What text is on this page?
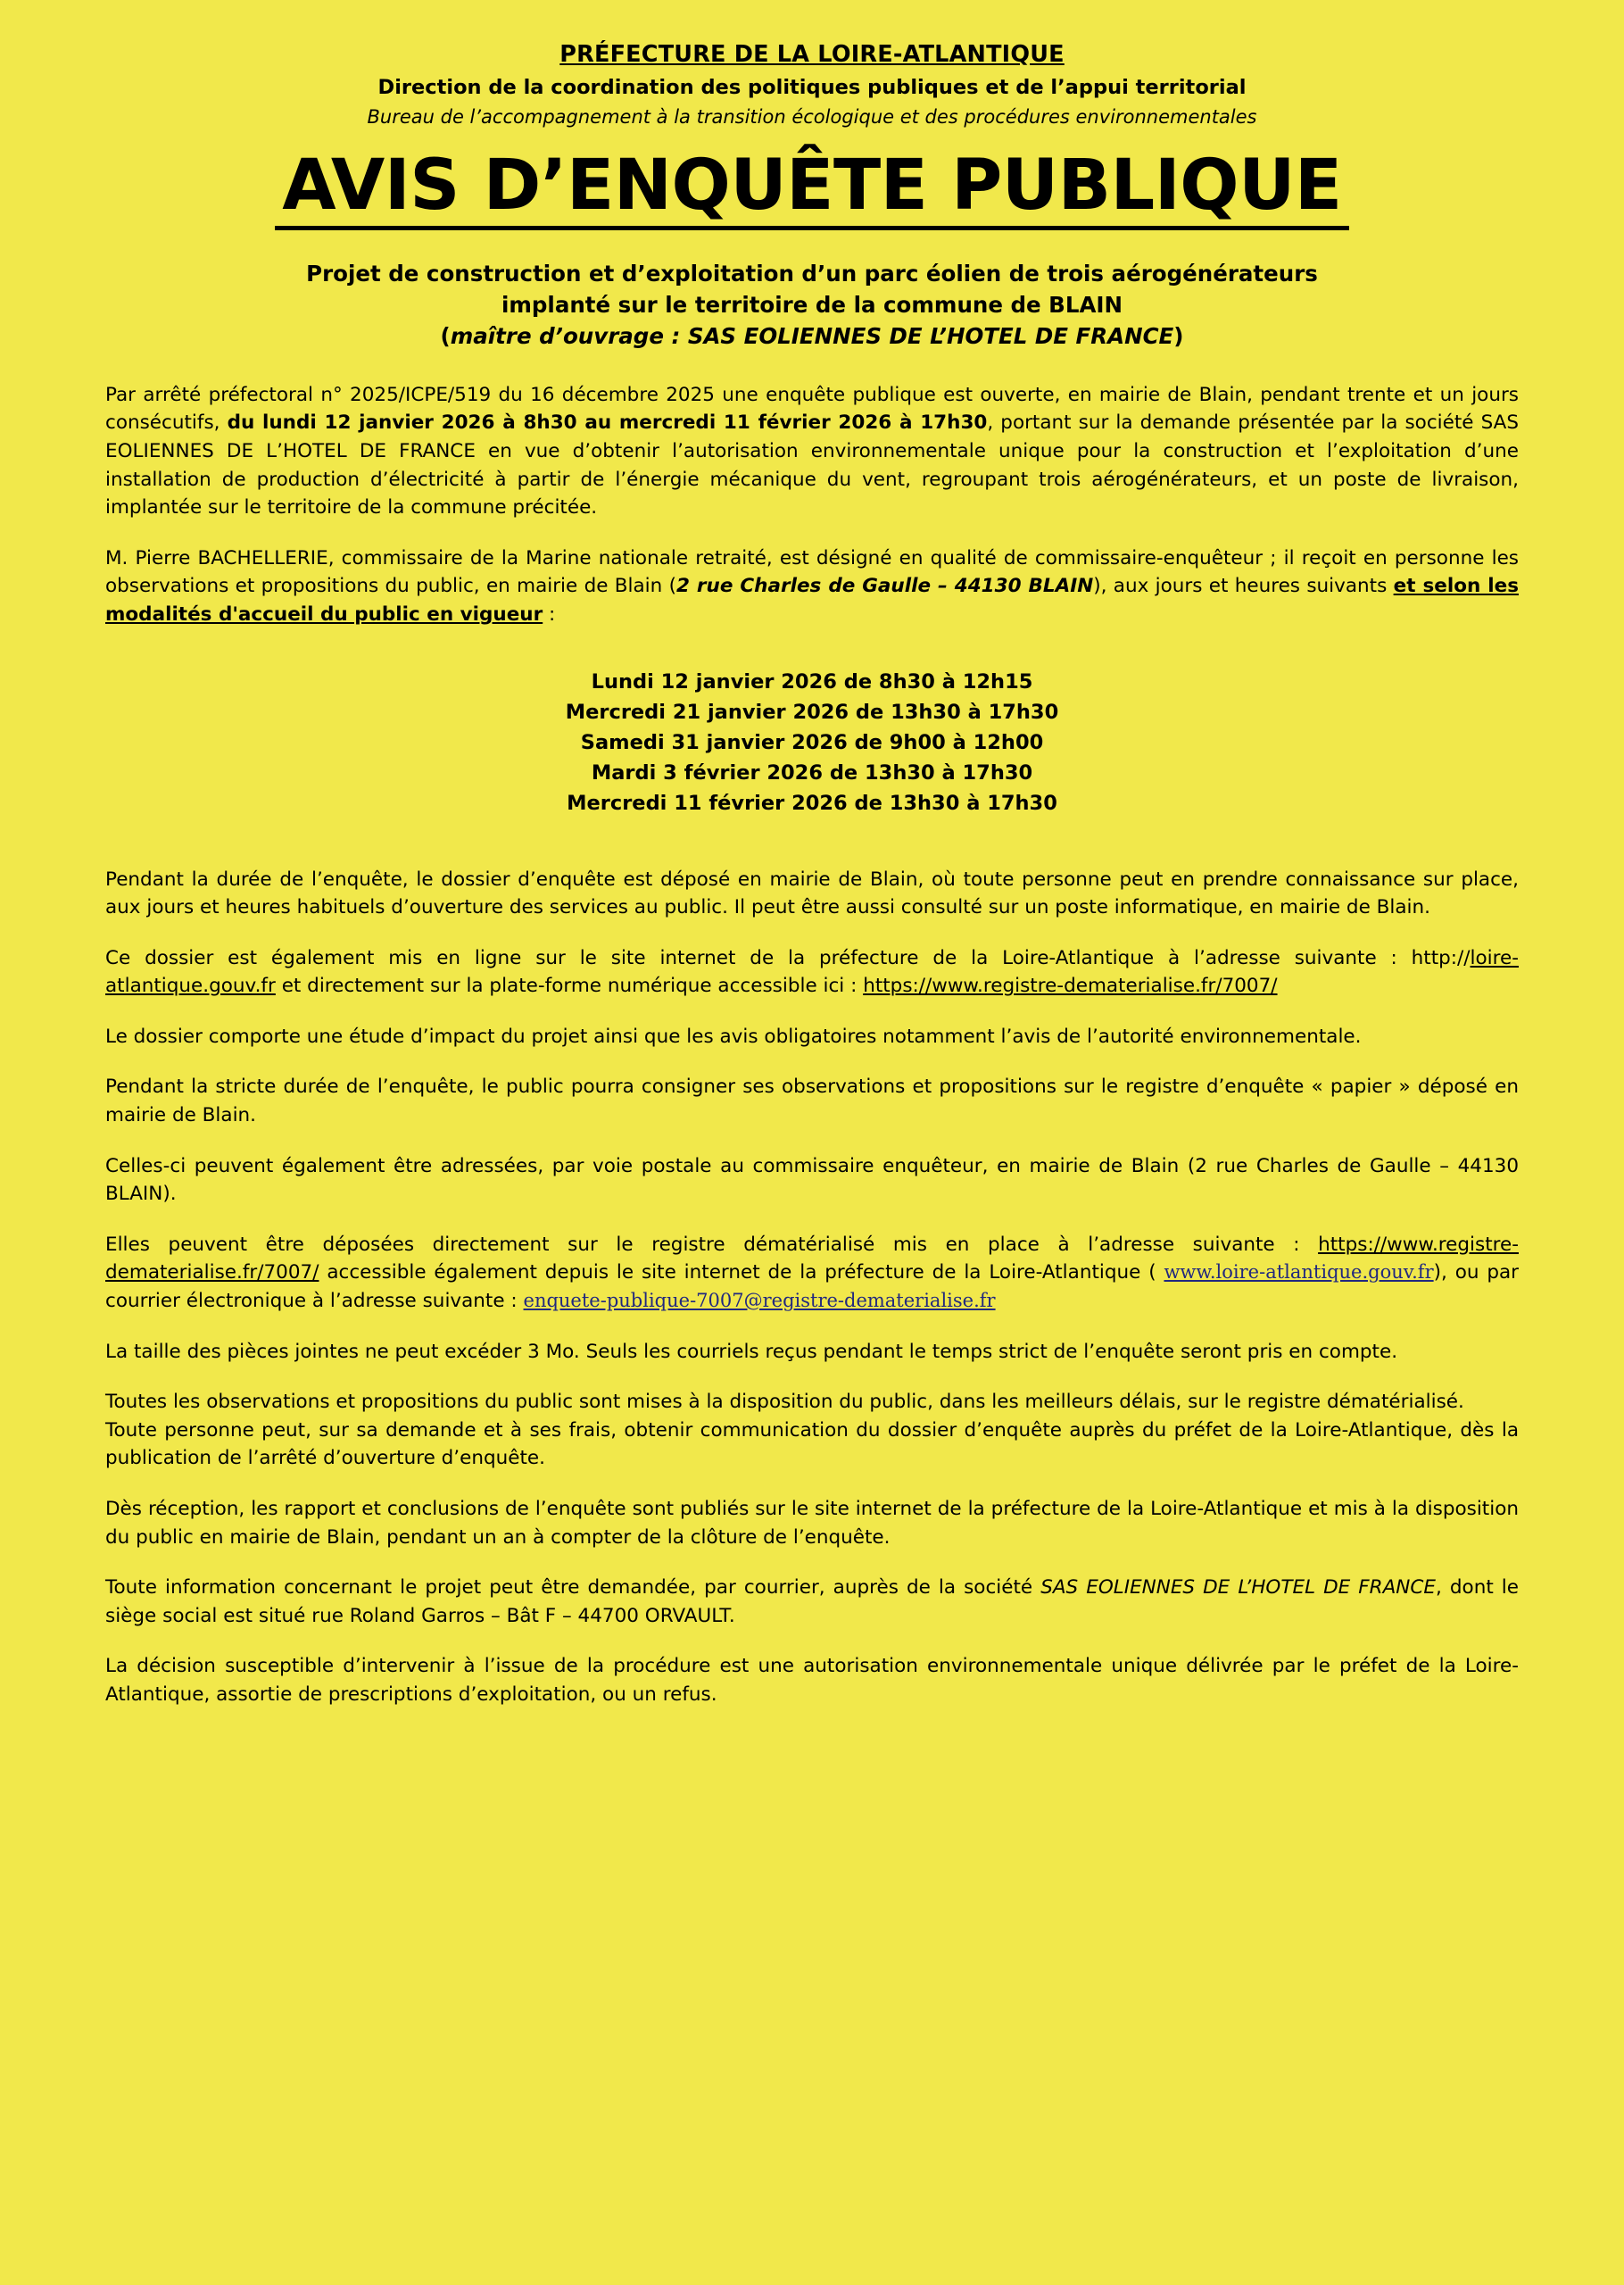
PRÉFECTURE DE LA LOIRE-ATLANTIQUE
Direction de la coordination des politiques publiques et de l’appui territorial
Bureau de l’accompagnement à la transition écologique et des procédures environnementales
AVIS D’ENQUÊTE PUBLIQUE
Projet de construction et d’exploitation d’un parc éolien de trois aérogénérateurs
implanté sur le territoire de la commune de BLAIN
(maître d’ouvrage : SAS EOLIENNES DE L’HOTEL DE FRANCE)

Par arrêté préfectoral n° 2025/ICPE/519 du 16 décembre 2025 une enquête publique est ouverte, en mairie de Blain, pendant trente et un jours consécutifs, du lundi 12 janvier 2026 à 8h30 au mercredi 11 février 2026 à 17h30, portant sur la demande présentée par la société SAS EOLIENNES DE L’HOTEL DE FRANCE en vue d’obtenir l’autorisation environnementale unique pour la construction et l’exploitation d’une installation de production d’électricité à partir de l’énergie mécanique du vent, regroupant trois aérogénérateurs, et un poste de livraison, implantée sur le territoire de la commune précitée.

M. Pierre BACHELLERIE, commissaire de la Marine nationale retraité, est désigné en qualité de commissaire-enquêteur ; il reçoit en personne les observations et propositions du public, en mairie de Blain (2 rue Charles de Gaulle – 44130 BLAIN), aux jours et heures suivants et selon les modalités d'accueil du public en vigueur :

Lundi 12 janvier 2026 de 8h30 à 12h15
Mercredi 21 janvier 2026 de 13h30 à 17h30
Samedi 31 janvier 2026 de 9h00 à 12h00
Mardi 3 février 2026 de 13h30 à 17h30
Mercredi 11 février 2026 de 13h30 à 17h30

Pendant la durée de l’enquête, le dossier d’enquête est déposé en mairie de Blain, où toute personne peut en prendre connaissance sur place, aux jours et heures habituels d’ouverture des services au public. Il peut être aussi consulté sur un poste informatique, en mairie de Blain.

Ce dossier est également mis en ligne sur le site internet de la préfecture de la Loire-Atlantique à l’adresse suivante : http://loire-atlantique.gouv.fr et directement sur la plate-forme numérique accessible ici : https://www.registre-dematerialise.fr/7007/

Le dossier comporte une étude d’impact du projet ainsi que les avis obligatoires notamment l’avis de l’autorité environnementale.

Pendant la stricte durée de l’enquête, le public pourra consigner ses observations et propositions sur le registre d’enquête « papier » déposé en mairie de Blain.

Celles-ci peuvent également être adressées, par voie postale au commissaire enquêteur, en mairie de Blain (2 rue Charles de Gaulle – 44130 BLAIN).

Elles peuvent être déposées directement sur le registre dématérialisé mis en place à l’adresse suivante : https://www.registre-dematerialise.fr/7007/ accessible également depuis le site internet de la préfecture de la Loire-Atlantique ( www.loire-atlantique.gouv.fr), ou par courrier électronique à l’adresse suivante : enquete-publique-7007@registre-dematerialise.fr

La taille des pièces jointes ne peut excéder 3 Mo. Seuls les courriels reçus pendant le temps strict de l’enquête seront pris en compte.

Toutes les observations et propositions du public sont mises à la disposition du public, dans les meilleurs délais, sur le registre dématérialisé.

Toute personne peut, sur sa demande et à ses frais, obtenir communication du dossier d’enquête auprès du préfet de la Loire-Atlantique, dès la publication de l’arrêté d’ouverture d’enquête.

Dès réception, les rapport et conclusions de l’enquête sont publiés sur le site internet de la préfecture de la Loire-Atlantique et mis à la disposition du public en mairie de Blain, pendant un an à compter de la clôture de l’enquête.

Toute information concernant le projet peut être demandée, par courrier, auprès de la société SAS EOLIENNES DE L’HOTEL DE FRANCE, dont le siège social est situé rue Roland Garros – Bât F – 44700 ORVAULT.

La décision susceptible d’intervenir à l’issue de la procédure est une autorisation environnementale unique délivrée par le préfet de la Loire-Atlantique, assortie de prescriptions d’exploitation, ou un refus.
